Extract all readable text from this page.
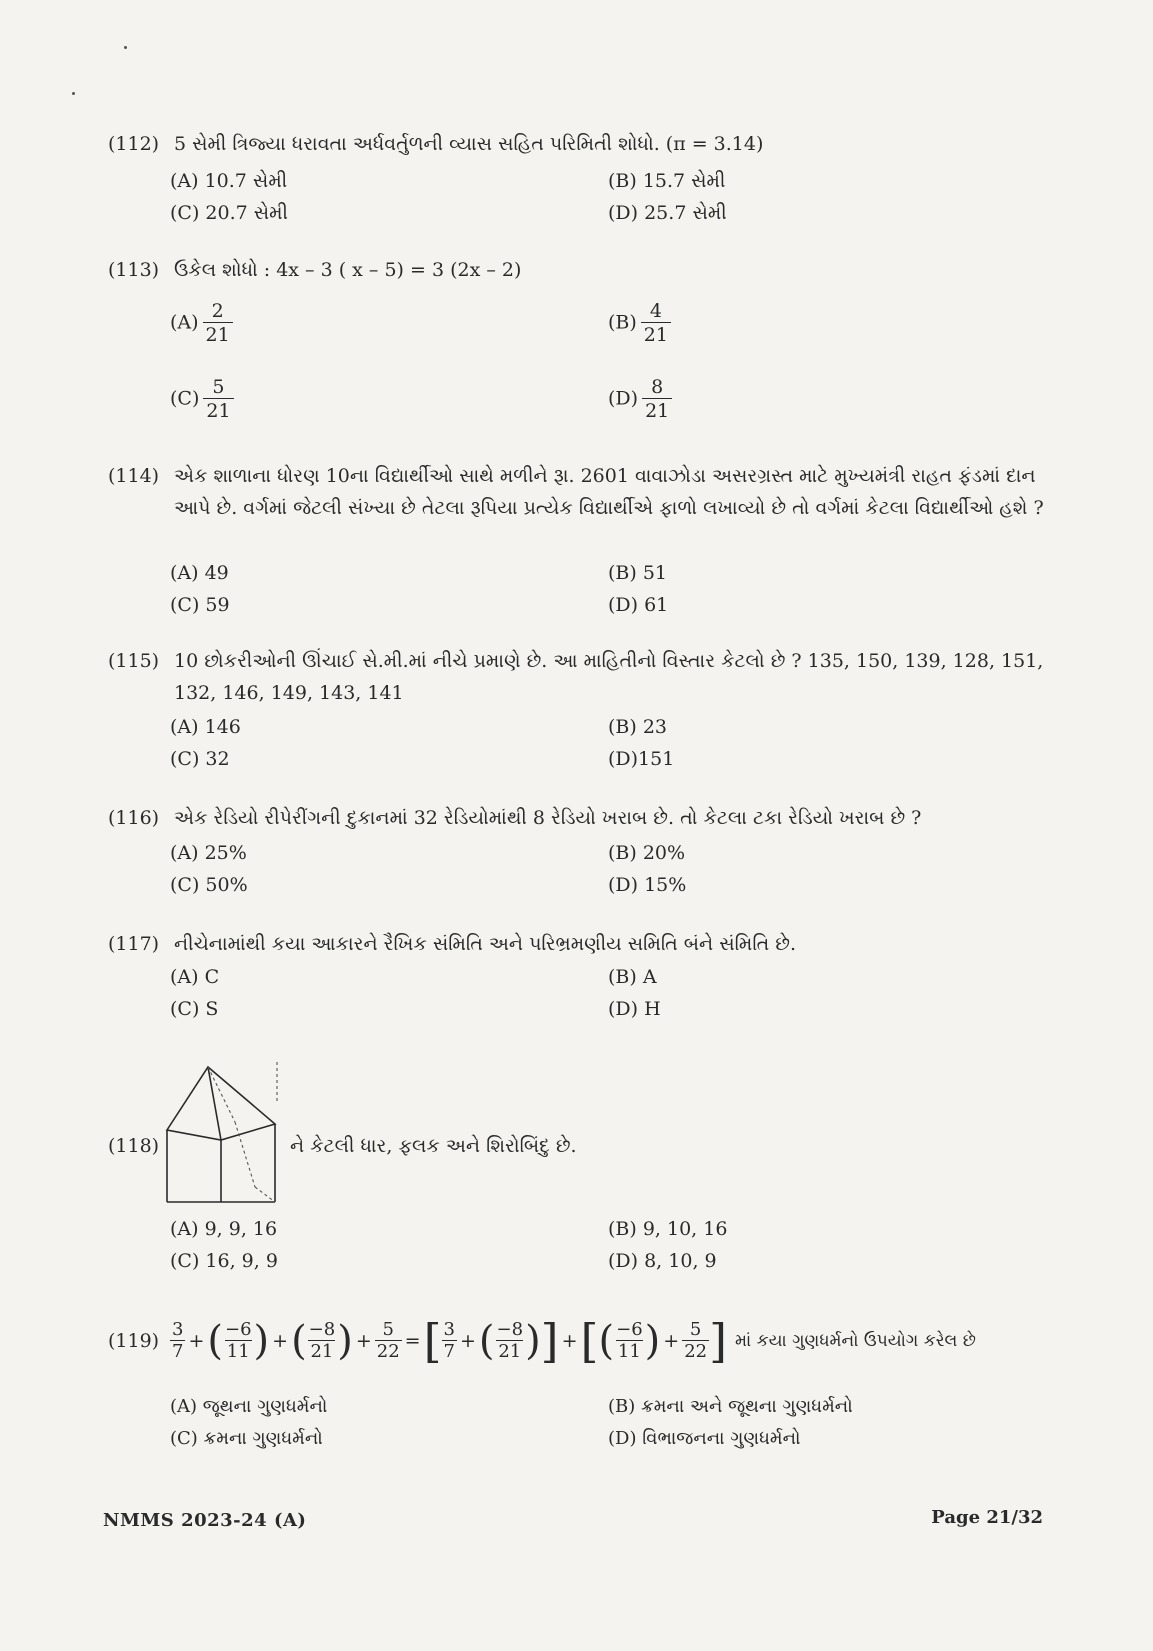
(112) 5 સેમી ત્રિજ્યા ધરાવતા અર્ધવર્તુળની વ્યાસ સહિત પરિમિતી શોધો. (π = 3.14)
(A) 10.7 સેમી	(B) 15.7 સેમી
(C) 20.7 સેમી	(D) 25.7 સેમી
(113) ઉકેલ શોધો : 4x – 3 ( x – 5) = 3 (2x – 2)
$(A) \frac{2}{21}$	$(B) \frac{4}{21}$
$(C) \frac{5}{21}$	$(D) \frac{8}{21}$
(114) એક શાળાના ધોરણ 10ના વિદ્યાર્થીઓ સાથે મળીને રૂા. 2601 વાવાઝોડા અસરગ્રસ્ત માટે મુખ્યમંત્રી રાહત ફંડમાં દાન આપે છે. વર્ગમાં જેટલી સંખ્યા છે તેટલા રૂપિયા પ્રત્યેક વિદ્યાર્થીએ ફાળો લખાવ્યો છે તો વર્ગમાં કેટલા વિદ્યાર્થીઓ હશે ?
(A) 49	(B) 51
(C) 59	(D) 61
(115) 10 છોકરીઓની ઊંચાઈ સે.મી.માં નીચે પ્રમાણે છે. આ માહિતીનો વિસ્તાર કેટલો છે ? 135, 150, 139, 128, 151, 132, 146, 149, 143, 141
(A) 146	(B) 23
(C) 32	(D)151
(116) એક રેડિયો રીપેરીંગની દુકાનમાં 32 રેડિયોમાંથી 8 રેડિયો ખરાબ છે. તો કેટલા ટકા રેડિયો ખરાબ છે ?
(A) 25%	(B) 20%
(C) 50%	(D) 15%
(117) નીચેનામાંથી કયા આકારને રૈખિક સંમિતિ અને પરિભ્રમણીય સમિતિ બંને સંમિતિ છે.
(A) C	(B) A
(C) S	(D) H
(118)	ને કેટલી ધાર, ફલક અને શિરોબિંદુ છે.
(A) 9, 9, 16	(B) 9, 10, 16
(C) 16, 9, 9	(D) 8, 10, 9
$(119) \frac{3}{7}$ + ( $\frac{-6}{11}$ ) + ( $\frac{-8}{21}$ ) + $\frac{5}{22}$ = [ $\frac{3}{7}$ + ( $\frac{-8}{21}$ ) ] + [ ( $\frac{-6}{11}$ ) + $\frac{5}{22}$ ] માં કયા ગુણધર્મનો ઉપયોગ કરેલ છે
(A) જૂથના ગુણધર્મનો	(B) ક્રમના અને જૂથના ગુણધર્મનો
(C) ક્રમના ગુણધર્મનો	(D) વિભાજનના ગુણધર્મનો
NMMS 2023-24 (A)	Page 21/32
